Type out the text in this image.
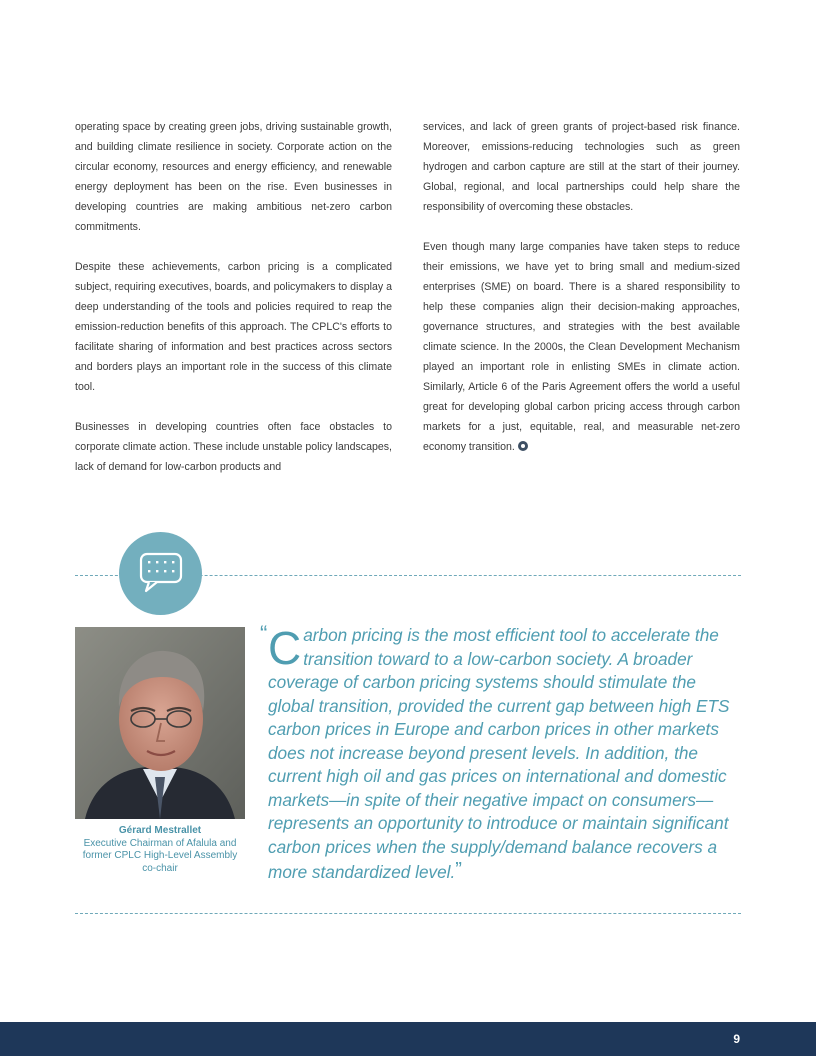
operating space by creating green jobs, driving sustainable growth, and building climate resilience in society. Corporate action on the circular economy, resources and energy efficiency, and renewable energy deployment has been on the rise. Even businesses in developing countries are making ambitious net-zero carbon commitments.

Despite these achievements, carbon pricing is a complicated subject, requiring executives, boards, and policymakers to display a deep understanding of the tools and policies required to reap the emission-reduction benefits of this approach. The CPLC's efforts to facilitate sharing of information and best practices across sectors and borders plays an important role in the success of this climate tool.

Businesses in developing countries often face obstacles to corporate climate action. These include unstable policy landscapes, lack of demand for low-carbon products and

services, and lack of green grants of project-based risk finance. Moreover, emissions-reducing technologies such as green hydrogen and carbon capture are still at the start of their journey. Global, regional, and local partnerships could help share the responsibility of overcoming these obstacles.

Even though many large companies have taken steps to reduce their emissions, we have yet to bring small and medium-sized enterprises (SME) on board. There is a shared responsibility to help these companies align their decision-making approaches, governance structures, and strategies with the best available climate science. In the 2000s, the Clean Development Mechanism played an important role in enlisting SMEs in climate action. Similarly, Article 6 of the Paris Agreement offers the world a useful great for developing global carbon pricing access through carbon markets for a just, equitable, real, and measurable net-zero economy transition.

Gérard Mestrallet
Executive Chairman of Afalula and former CPLC High-Level Assembly co-chair
“ C arbon pricing is the most efficient tool to accelerate the transition toward to a low-carbon society. A broader coverage of carbon pricing systems should stimulate the global transition, provided the current gap between high ETS carbon prices in Europe and carbon prices in other markets does not increase beyond present levels. In addition, the current high oil and gas prices on international and domestic markets—in spite of their negative impact on consumers—represents an opportunity to introduce or maintain significant carbon prices when the supply/demand balance recovers a more standardized level.”
9
